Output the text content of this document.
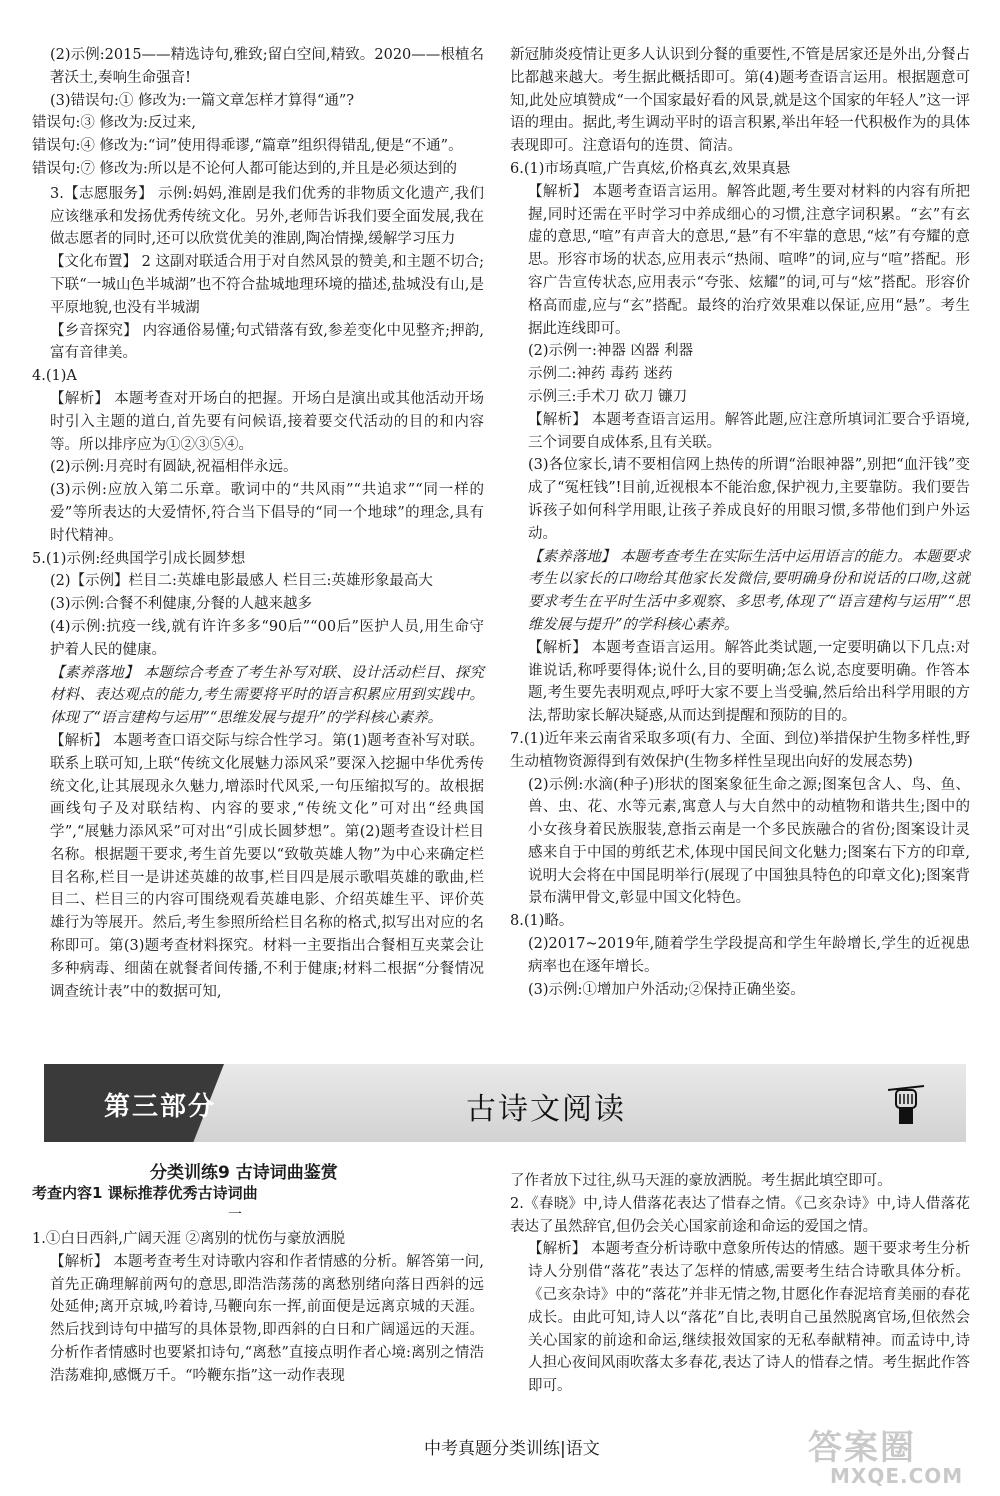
(2)示例:2015——精选诗句,雅致;留白空间,精致。2020——根植名著沃土,奏响生命强音!

(3)错误句:① 修改为:一篇文章怎样才算得“通”?

错误句:③ 修改为:反过来,

错误句:④ 修改为:“词”使用得乖谬,“篇章”组织得错乱,便是“不通”。

错误句:⑦ 修改为:所以是不论何人都可能达到的,并且是必须达到的

3.【志愿服务】 示例:妈妈,淮剧是我们优秀的非物质文化遗产,我们应该继承和发扬优秀传统文化。另外,老师告诉我们要全面发展,我在做志愿者的同时,还可以欣赏优美的淮剧,陶冶情操,缓解学习压力

【文化布置】 2 这副对联适合用于对自然风景的赞美,和主题不切合;下联“一城山色半城湖”也不符合盐城地理环境的描述,盐城没有山,是平原地貌,也没有半城湖

【乡音探究】 内容通俗易懂;句式错落有致,参差变化中见整齐;押韵,富有音律美。

4.(1)A

【解析】 本题考查对开场白的把握。开场白是演出或其他活动开场时引入主题的道白,首先要有问候语,接着要交代活动的目的和内容等。所以排序应为①②③⑤④。

(2)示例:月亮时有圆缺,祝福相伴永远。

(3)示例:应放入第二乐章。歌词中的“共风雨”“共追求”“同一样的爱”等所表达的大爱情怀,符合当下倡导的“同一个地球”的理念,具有时代精神。

5.(1)示例:经典国学引成长圆梦想

(2)【示例】栏目二:英雄电影最感人 栏目三:英雄形象最高大

(3)示例:合餐不利健康,分餐的人越来越多

(4)示例:抗疫一线,就有许许多多“90后”“00后”医护人员,用生命守护着人民的健康。

【素养落地】 本题综合考查了考生补写对联、设计活动栏目、探究材料、表达观点的能力,考生需要将平时的语言积累应用到实践中。体现了“语言建构与运用”“思维发展与提升”的学科核心素养。

【解析】 本题考查口语交际与综合性学习。第(1)题考查补写对联。联系上联可知,上联“传统文化展魅力添风采”要深入挖掘中华优秀传统文化,让其展现永久魅力,增添时代风采,一句压缩拟写的。故根据画线句子及对联结构、内容的要求,“传统文化”可对出“经典国学”,“展魅力添风采”可对出“引成长圆梦想”。第(2)题考查设计栏目名称。根据题干要求,考生首先要以“致敬英雄人物”为中心来确定栏目名称,栏目一是讲述英雄的故事,栏目四是展示歌唱英雄的歌曲,栏目二、栏目三的内容可围绕观看英雄电影、介绍英雄生平、评价英雄行为等展开。然后,考生参照所给栏目名称的格式,拟写出对应的名称即可。第(3)题考查材料探究。材料一主要指出合餐相互夹菜会让多种病毒、细菌在就餐者间传播,不利于健康;材料二根据“分餐情况调查统计表”中的数据可知,

新冠肺炎疫情让更多人认识到分餐的重要性,不管是居家还是外出,分餐占比都越来越大。考生据此概括即可。第(4)题考查语言运用。根据题意可知,此处应填赞成“一个国家最好看的风景,就是这个国家的年轻人”这一评语的理由。据此,考生调动平时的语言积累,举出年轻一代积极作为的具体表现即可。注意语句的连贯、简洁。

6.(1)市场真喧,广告真炫,价格真玄,效果真悬

【解析】 本题考查语言运用。解答此题,考生要对材料的内容有所把握,同时还需在平时学习中养成细心的习惯,注意字词积累。“玄”有玄虚的意思,“喧”有声音大的意思,“悬”有不牢靠的意思,“炫”有夸耀的意思。形容市场的状态,应用表示“热闹、喧哗”的词,应与“喧”搭配。形容广告宣传状态,应用表示“夸张、炫耀”的词,可与“炫”搭配。形容价格高而虚,应与“玄”搭配。最终的治疗效果难以保证,应用“悬”。考生据此连线即可。

(2)示例一:神器 凶器 利器

示例二:神药 毒药 迷药

示例三:手术刀 砍刀 镰刀

【解析】 本题考查语言运用。解答此题,应注意所填词汇要合乎语境,三个词要自成体系,且有关联。

(3)各位家长,请不要相信网上热传的所谓“治眼神器”,别把“血汗钱”变成了“冤枉钱”!目前,近视根本不能治愈,保护视力,主要靠防。我们要告诉孩子如何科学用眼,让孩子养成良好的用眼习惯,多带他们到户外运动。

【素养落地】 本题考查考生在实际生活中运用语言的能力。本题要求考生以家长的口吻给其他家长发微信,要明确身份和说话的口吻,这就要求考生在平时生活中多观察、多思考,体现了“语言建构与运用”“思维发展与提升”的学科核心素养。

【解析】 本题考查语言运用。解答此类试题,一定要明确以下几点:对谁说话,称呼要得体;说什么,目的要明确;怎么说,态度要明确。作答本题,考生要先表明观点,呼吁大家不要上当受骗,然后给出科学用眼的方法,帮助家长解决疑惑,从而达到提醒和预防的目的。

7.(1)近年来云南省采取多项(有力、全面、到位)举措保护生物多样性,野生动植物资源得到有效保护(生物多样性呈现出向好的发展态势)

(2)示例:水滴(种子)形状的图案象征生命之源;图案包含人、鸟、鱼、兽、虫、花、水等元素,寓意人与大自然中的动植物和谐共生;图中的小女孩身着民族服装,意指云南是一个多民族融合的省份;图案设计灵感来自于中国的剪纸艺术,体现中国民间文化魅力;图案右下方的印章,说明大会将在中国昆明举行(展现了中国独具特色的印章文化);图案背景布满甲骨文,彰显中国文化特色。

8.(1)略。

(2)2017~2019年,随着学生学段提高和学生年龄增长,学生的近视患病率也在逐年增长。

(3)示例:①增加户外活动;②保持正确坐姿。

第三部分	古诗文阅读
分类训练9 古诗词曲鉴赏
考查内容1 课标推荐优秀古诗词曲
一

1.①白日西斜,广阔天涯 ②离别的忧伤与豪放洒脱

【解析】 本题考查考生对诗歌内容和作者情感的分析。解答第一问,首先正确理解前两句的意思,即浩浩荡荡的离愁别绪向落日西斜的远处延伸;离开京城,吟着诗,马鞭向东一挥,前面便是远离京城的天涯。然后找到诗句中描写的具体景物,即西斜的白日和广阔遥远的天涯。分析作者情感时也要紧扣诗句,“离愁”直接点明作者心境:离别之情浩浩荡难抑,感慨万千。“吟鞭东指”这一动作表现

了作者放下过往,纵马天涯的豪放洒脱。考生据此填空即可。

2.《春晓》中,诗人借落花表达了惜春之情。《己亥杂诗》中,诗人借落花表达了虽然辞官,但仍会关心国家前途和命运的爱国之情。

【解析】 本题考查分析诗歌中意象所传达的情感。题干要求考生分析诗人分别借“落花”表达了怎样的情感,需要考生结合诗歌具体分析。《己亥杂诗》中的“落花”并非无情之物,甘愿化作春泥培育美丽的春花成长。由此可知,诗人以“落花”自比,表明自己虽然脱离官场,但依然会关心国家的前途和命运,继续报效国家的无私奉献精神。而孟诗中,诗人担心夜间风雨吹落太多春花,表达了诗人的惜春之情。考生据此作答即可。

中考真题分类训练|语文	答案圈
MXQE.COM
